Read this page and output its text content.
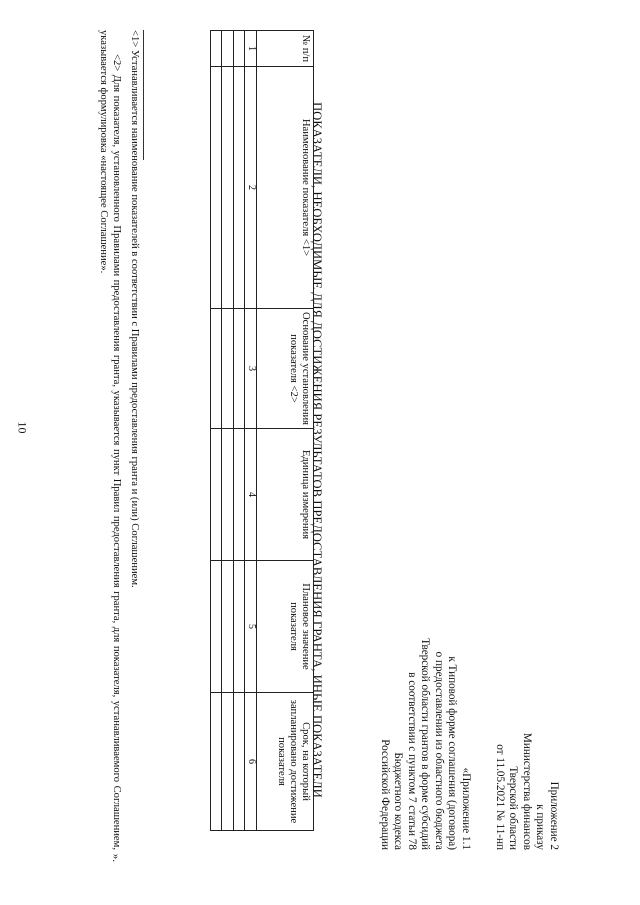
10
Приложение 2
к приказу
Министерства финансов
Тверской области
от 11.05.2021 № 11-нп
«Приложение 1.1
к Типовой форме соглашения (договора)
о предоставлении из областного бюджета
Тверской области грантов в форме субсидий
в соответствии с пунктом 7 статьи 78
Бюджетного кодекса
Российской Федерации
ПОКАЗАТЕЛИ, НЕОБХОДИМЫЕ ДЛЯ ДОСТИЖЕНИЯ РЕЗУЛЬТАТОВ ПРЕДОСТАВЛЕНИЯ ГРАНТА, ИНЫЕ ПОКАЗАТЕЛИ
№ п/п	Наименование показателя <1>	Основание установления показателя <2>	Единица измерения	Плановое значение показателя	Срок, на который запланировано достижение показателя
1	2	3	4	5	6

<1> Устанавливается наименование показателей в соответствии с Правилами предоставления гранта и (или) Соглашением.
<2> Для показателя, установленного Правилами предоставления гранта, указывается пункт Правил предоставления гранта, для показателя, устанавливаемого Соглашением, указывается формулировка «настоящее Соглашение».
».
